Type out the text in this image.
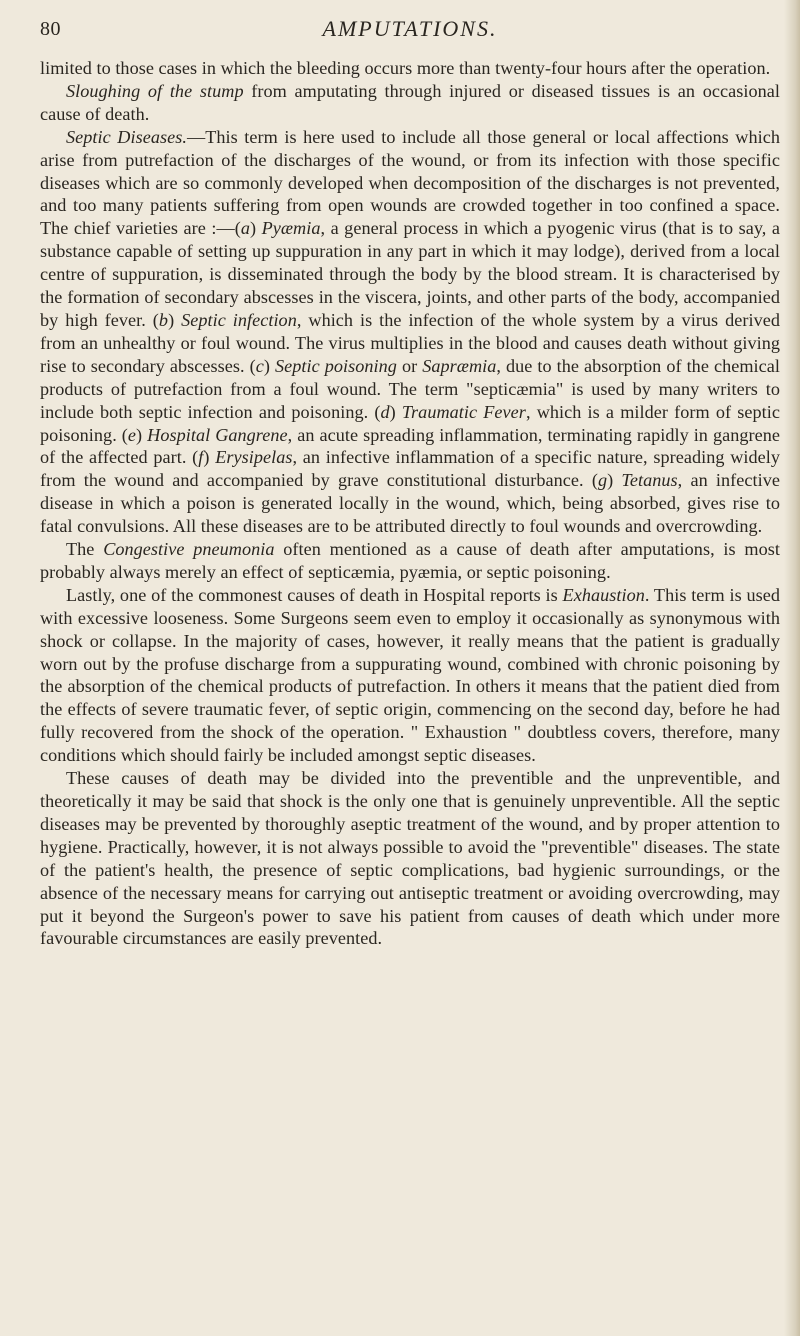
80	AMPUTATIONS.

limited to those cases in which the bleeding occurs more than twenty-four hours after the operation.

Sloughing of the stump from amputating through injured or diseased tissues is an occasional cause of death.

Septic Diseases.—This term is here used to include all those general or local affections which arise from putrefaction of the discharges of the wound, or from its infection with those specific diseases which are so commonly developed when decomposition of the discharges is not prevented, and too many patients suffering from open wounds are crowded together in too confined a space. The chief varieties are :—(a) Pyæmia, a general process in which a pyogenic virus (that is to say, a substance capable of setting up suppuration in any part in which it may lodge), derived from a local centre of suppuration, is disseminated through the body by the blood stream. It is characterised by the formation of secondary abscesses in the viscera, joints, and other parts of the body, accompanied by high fever. (b) Septic infection, which is the infection of the whole system by a virus derived from an unhealthy or foul wound. The virus multiplies in the blood and causes death without giving rise to secondary abscesses. (c) Septic poisoning or Sapræmia, due to the absorption of the chemical products of putrefaction from a foul wound. The term "septicæmia" is used by many writers to include both septic infection and poisoning. (d) Traumatic Fever, which is a milder form of septic poisoning. (e) Hospital Gangrene, an acute spreading inflammation, terminating rapidly in gangrene of the affected part. (f) Erysipelas, an infective inflammation of a specific nature, spreading widely from the wound and accompanied by grave constitutional disturbance. (g) Tetanus, an infective disease in which a poison is generated locally in the wound, which, being absorbed, gives rise to fatal convulsions. All these diseases are to be attributed directly to foul wounds and overcrowding.

The Congestive pneumonia often mentioned as a cause of death after amputations, is most probably always merely an effect of septicæmia, pyæmia, or septic poisoning.

Lastly, one of the commonest causes of death in Hospital reports is Exhaustion. This term is used with excessive looseness. Some Surgeons seem even to employ it occasionally as synonymous with shock or collapse. In the majority of cases, however, it really means that the patient is gradually worn out by the profuse discharge from a suppurating wound, combined with chronic poisoning by the absorption of the chemical products of putrefaction. In others it means that the patient died from the effects of severe traumatic fever, of septic origin, commencing on the second day, before he had fully recovered from the shock of the operation. " Exhaustion " doubtless covers, therefore, many conditions which should fairly be included amongst septic diseases.

These causes of death may be divided into the preventible and the unpreventible, and theoretically it may be said that shock is the only one that is genuinely unpreventible. All the septic diseases may be prevented by thoroughly aseptic treatment of the wound, and by proper attention to hygiene. Practically, however, it is not always possible to avoid the "preventible" diseases. The state of the patient's health, the presence of septic complications, bad hygienic surroundings, or the absence of the necessary means for carrying out antiseptic treatment or avoiding overcrowding, may put it beyond the Surgeon's power to save his patient from causes of death which under more favourable circumstances are easily prevented.
